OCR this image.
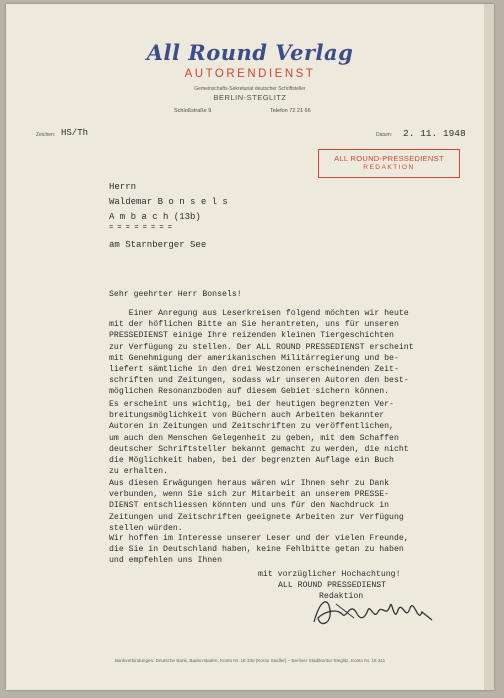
All Round Verlag
AUTORENDIENST
Gemeinschafts-Sekretariat deutscher Schriftsteller
BERLIN-STEGLITZ
Schloßstraße 9	Telefon 72 21 66
Zeichen: HS/Th	Datum: 2. 11. 1948
ALL ROUND-PRESSEDIENST
REDAKTION
Herrn
Waldemar B o n s e l s
A m b a c h (13b)
= = = = = = = =
am Starnberger See
Sehr geehrter Herr Bonsels!
Einer Anregung aus Leserkreisen folgend möchten wir heute
mit der höflichen Bitte an Sie herantreten, uns für unseren
PRESSEDIENST einige Ihre reizenden kleinen Tiergeschichten
zur Verfügung zu stellen. Der ALL ROUND PRESSEDIENST erscheint
mit Genehmigung der amerikanischen Militärregierung und be-
liefert sämtliche in den drei Westzonen erscheinenden Zeit-
schriften und Zeitungen, sodass wir unseren Autoren den best-
möglichen Resonanzboden auf diesem Gebiet sichern können.
Es erscheint uns wichtig, bei der heutigen begrenzten Ver-
breitungsmöglichkeit von Büchern auch Arbeiten bekannter
Autoren in Zeitungen und Zeitschriften zu veröffentlichen,
um auch den Menschen Gelegenheit zu geben, mit dem Schaffen
deutscher Schriftsteller bekannt gemacht zu werden, die nicht
die Möglichkeit haben, bei der begrenzten Auflage ein Buch
zu erhalten.
Aus diesen Erwägungen heraus wären wir Ihnen sehr zu Dank
verbunden, wenn Sie sich zur Mitarbeit an unserem PRESSE-
DIENST entschliessen könnten und uns für den Nachdruck in
Zeitungen und Zeitschriften geeignete Arbeiten zur Verfügung
stellen würden.
Wir hoffen im Interesse unserer Leser und der vielen Freunde,
die Sie in Deutschland haben, keine Fehlbitte getan zu haben
und empfehlen uns Ihnen
mit vorzüglicher Hochachtung!
ALL ROUND PRESSEDIENST
Redaktion
Bankverbindungen: Deutsche Bank, Baden-Baden, Konto Nr. 16 330 (Konto Seidler) – Berliner Stadtkontor Steglitz, Konto Nr. 15 311
